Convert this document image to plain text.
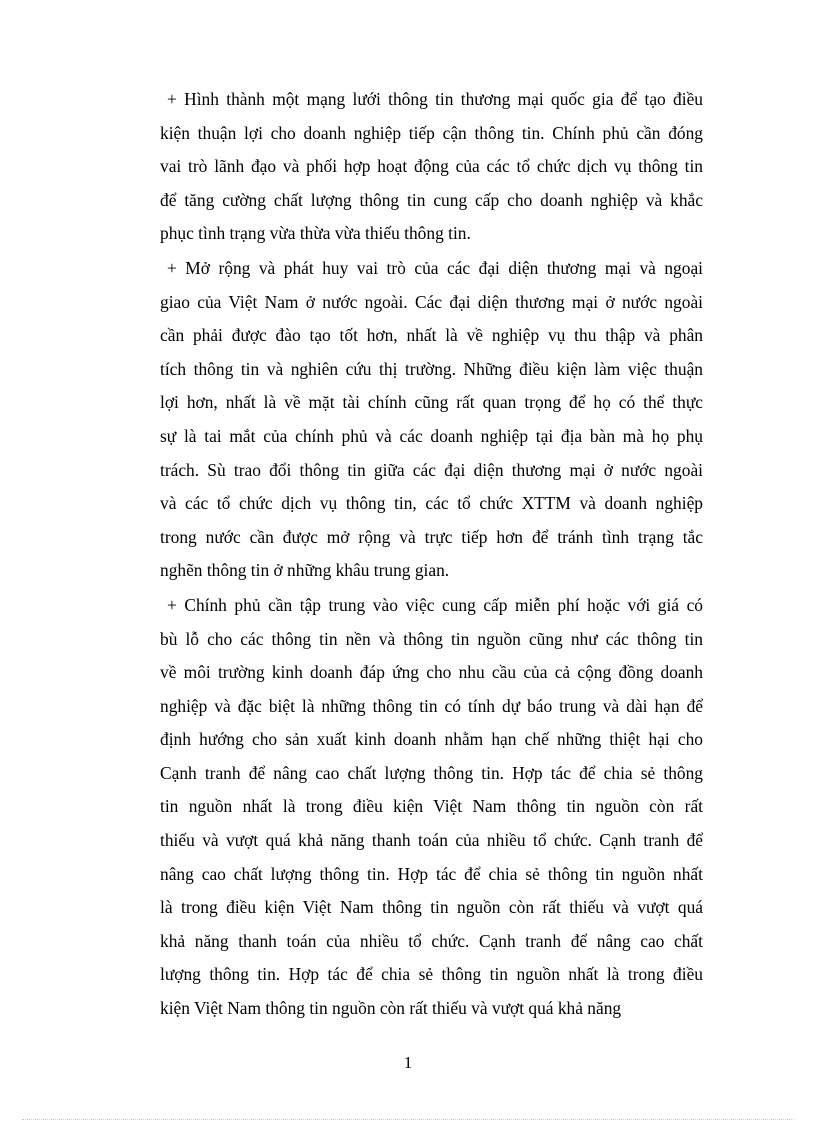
+ Hình thành một mạng lưới thông tin thương mại quốc gia để tạo điều
kiện thuận lợi cho doanh nghiệp tiếp cận thông tin. Chính phủ cần đóng
vai trò lãnh đạo và phối hợp hoạt động của các tổ chức dịch vụ thông tin
để tăng cường chất lượng thông tin cung cấp cho doanh nghiệp và khắc
phục tình trạng vừa thừa vừa thiếu thông tin.
+ Mở rộng và phát huy vai trò của các đại diện thương mại và ngoại
giao của Việt Nam ở nước ngoài. Các đại diện thương mại ở nước ngoài
cần phải được đào tạo tốt hơn, nhất là về nghiệp vụ thu thập và phân
tích thông tin và nghiên cứu thị trường. Những điều kiện làm việc thuận
lợi hơn, nhất là về mặt tài chính cũng rất quan trọng để họ có thể thực
sự là tai mắt của chính phủ và các doanh nghiệp tại địa bàn mà họ phụ
trách. Sù trao đổi thông tin giữa các đại diện thương mại ở nước ngoài
và các tổ chức dịch vụ thông tin, các tổ chức XTTM và doanh nghiệp
trong nước cần được mở rộng và trực tiếp hơn để tránh tình trạng tắc
nghẽn thông tin ở những khâu trung gian.
+ Chính phủ cần tập trung vào việc cung cấp miễn phí hoặc với giá có
bù lỗ cho các thông tin nền và thông tin nguồn cũng như các thông tin
về môi trường kinh doanh đáp ứng cho nhu cầu của cả cộng đồng doanh
nghiệp và đặc biệt là những thông tin có tính dự báo trung và dài hạn để
định hướng cho sản xuất kinh doanh nhằm hạn chế những thiệt hại cho
Cạnh tranh để nâng cao chất lượng thông tin. Hợp tác để chia sẻ thông
tin nguồn nhất là trong điều kiện Việt Nam thông tin nguồn còn rất
thiếu và vượt quá khả năng thanh toán của nhiều tổ chức. Cạnh tranh để
nâng cao chất lượng thông tin. Hợp tác để chia sẻ thông tin nguồn nhất
là trong điều kiện Việt Nam thông tin nguồn còn rất thiếu và vượt quá
khả năng thanh toán của nhiều tổ chức. Cạnh tranh để nâng cao chất
lượng thông tin. Hợp tác để chia sẻ thông tin nguồn nhất là trong điều
kiện Việt Nam thông tin nguồn còn rất thiếu và vượt quá khả năng
1
